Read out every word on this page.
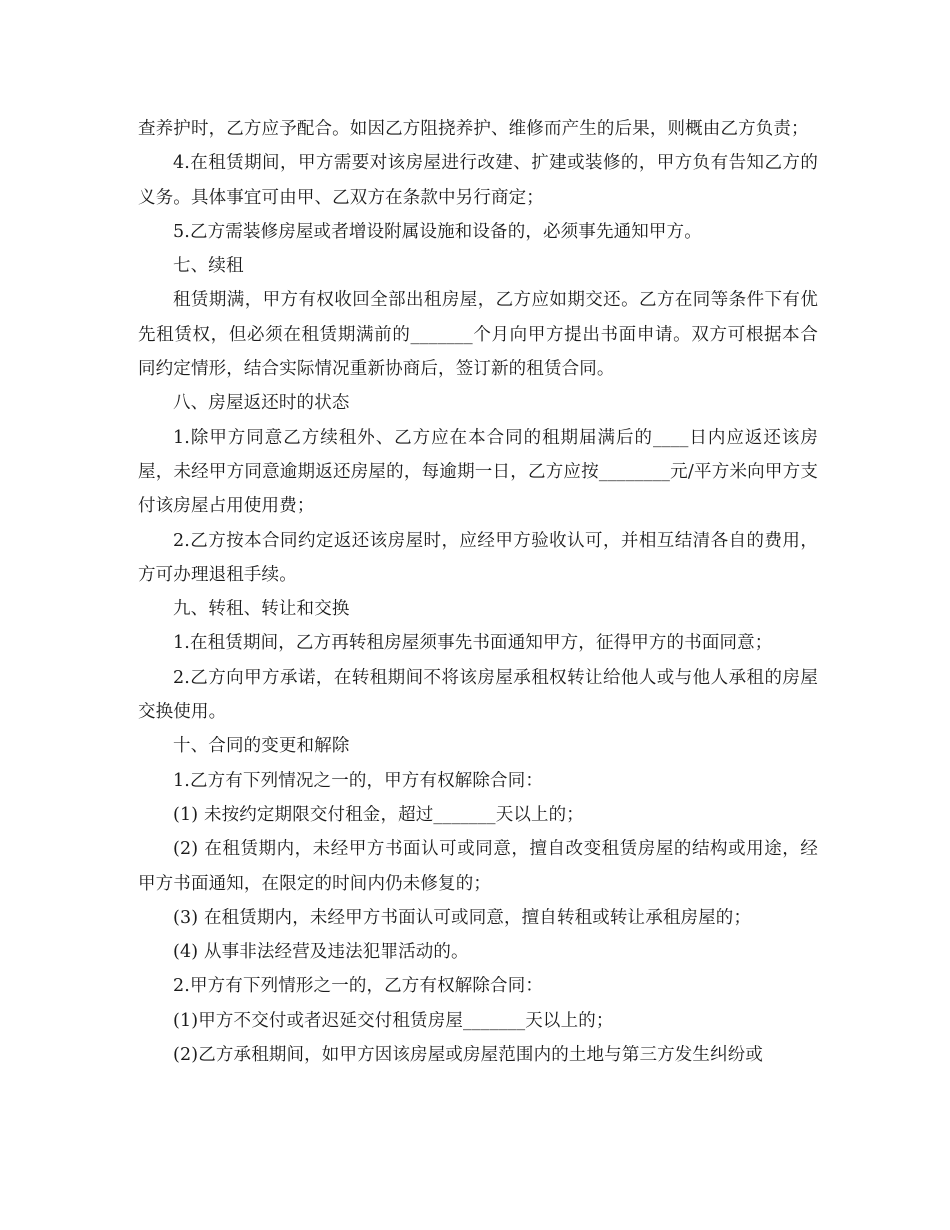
查养护时，乙方应予配合。如因乙方阻挠养护、维修而产生的后果，则概由乙方负责；

4.在租赁期间，甲方需要对该房屋进行改建、扩建或装修的，甲方负有告知乙方的义务。具体事宜可由甲、乙双方在条款中另行商定；

5.乙方需装修房屋或者增设附属设施和设备的，必须事先通知甲方。

七、续租

租赁期满，甲方有权收回全部出租房屋，乙方应如期交还。乙方在同等条件下有优先租赁权，但必须在租赁期满前的_______个月向甲方提出书面申请。双方可根据本合同约定情形，结合实际情况重新协商后，签订新的租赁合同。

八、房屋返还时的状态

1.除甲方同意乙方续租外、乙方应在本合同的租期届满后的____日内应返还该房屋，未经甲方同意逾期返还房屋的，每逾期一日，乙方应按________元/平方米向甲方支付该房屋占用使用费；

2.乙方按本合同约定返还该房屋时，应经甲方验收认可，并相互结清各自的费用，方可办理退租手续。

九、转租、转让和交换

1.在租赁期间，乙方再转租房屋须事先书面通知甲方，征得甲方的书面同意；

2.乙方向甲方承诺，在转租期间不将该房屋承租权转让给他人或与他人承租的房屋交换使用。

十、合同的变更和解除

1.乙方有下列情况之一的，甲方有权解除合同：

(1) 未按约定期限交付租金，超过_______天以上的；

(2) 在租赁期内，未经甲方书面认可或同意，擅自改变租赁房屋的结构或用途，经甲方书面通知，在限定的时间内仍未修复的；

(3) 在租赁期内，未经甲方书面认可或同意，擅自转租或转让承租房屋的；

(4) 从事非法经营及违法犯罪活动的。

2.甲方有下列情形之一的，乙方有权解除合同：

(1)甲方不交付或者迟延交付租赁房屋_______天以上的；

(2)乙方承租期间，如甲方因该房屋或房屋范围内的土地与第三方发生纠纷或
